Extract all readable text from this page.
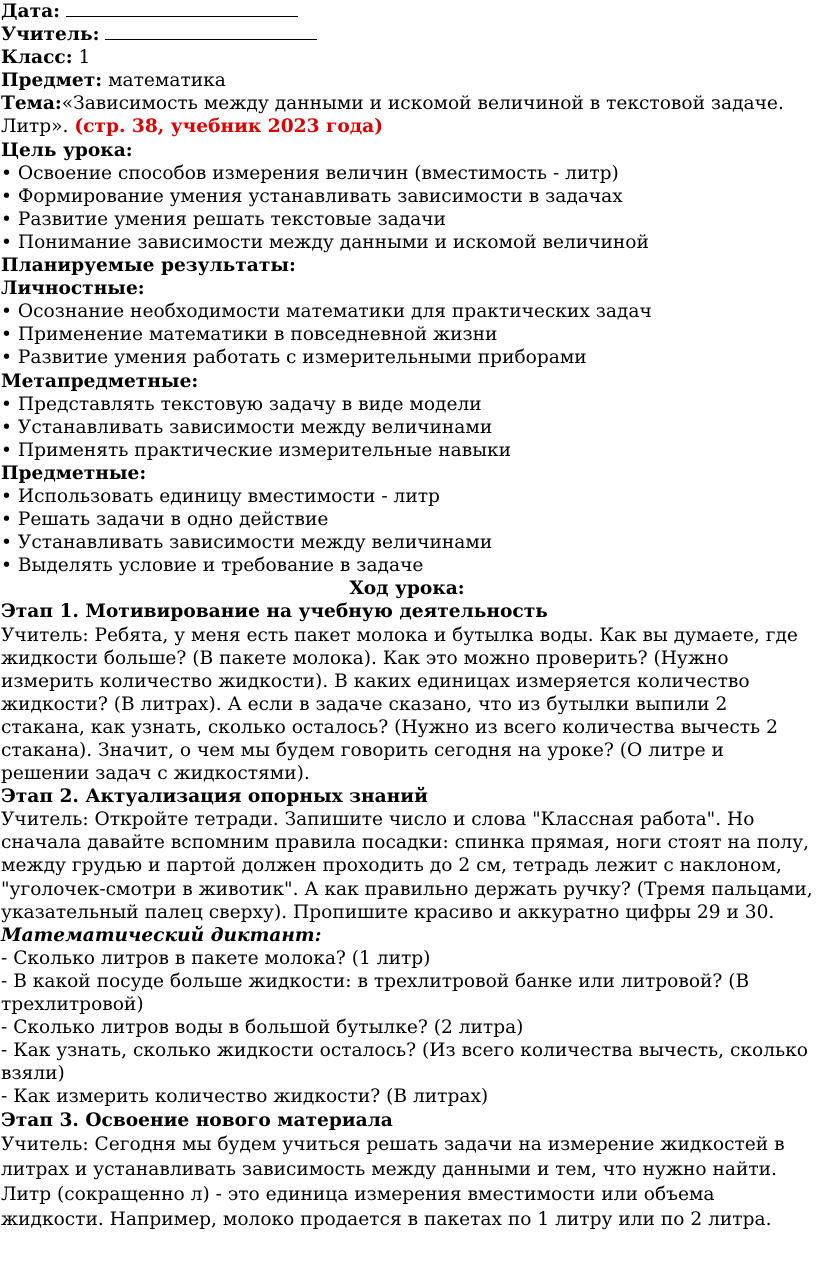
Дата:
Учитель:
Класс: 1
Предмет: математика
Тема:«Зависимость между данными и искомой величиной в текстовой задаче. Литр». (стр. 38, учебник 2023 года)
Цель урока:
• Освоение способов измерения величин (вместимость - литр)
• Формирование умения устанавливать зависимости в задачах
• Развитие умения решать текстовые задачи
• Понимание зависимости между данными и искомой величиной
Планируемые результаты:
Личностные:
• Осознание необходимости математики для практических задач
• Применение математики в повседневной жизни
• Развитие умения работать с измерительными приборами
Метапредметные:
• Представлять текстовую задачу в виде модели
• Устанавливать зависимости между величинами
• Применять практические измерительные навыки
Предметные:
• Использовать единицу вместимости - литр
• Решать задачи в одно действие
• Устанавливать зависимости между величинами
• Выделять условие и требование в задаче
Ход урока:
Этап 1. Мотивирование на учебную деятельность
Учитель: Ребята, у меня есть пакет молока и бутылка воды. Как вы думаете, где жидкости больше? (В пакете молока). Как это можно проверить? (Нужно измерить количество жидкости). В каких единицах измеряется количество жидкости? (В литрах). А если в задаче сказано, что из бутылки выпили 2 стакана, как узнать, сколько осталось? (Нужно из всего количества вычесть 2 стакана). Значит, о чем мы будем говорить сегодня на уроке? (О литре и решении задач с жидкостями).
Этап 2. Актуализация опорных знаний
Учитель: Откройте тетради. Запишите число и слова "Классная работа". Но сначала давайте вспомним правила посадки: спинка прямая, ноги стоят на полу, между грудью и партой должен проходить до 2 см, тетрадь лежит с наклоном, "уголочек-смотри в животик". А как правильно держать ручку? (Тремя пальцами, указательный палец сверху). Пропишите красиво и аккуратно цифры 29 и 30.
Математический диктант:
- Сколько литров в пакете молока? (1 литр)
- В какой посуде больше жидкости: в трехлитровой банке или литровой? (В трехлитровой)
- Сколько литров воды в большой бутылке? (2 литра)
- Как узнать, сколько жидкости осталось? (Из всего количества вычесть, сколько взяли)
- Как измерить количество жидкости? (В литрах)
Этап 3. Освоение нового материала
Учитель: Сегодня мы будем учиться решать задачи на измерение жидкостей в литрах и устанавливать зависимость между данными и тем, что нужно найти. Литр (сокращенно л) - это единица измерения вместимости или объема жидкости. Например, молоко продается в пакетах по 1 литру или по 2 литра.
